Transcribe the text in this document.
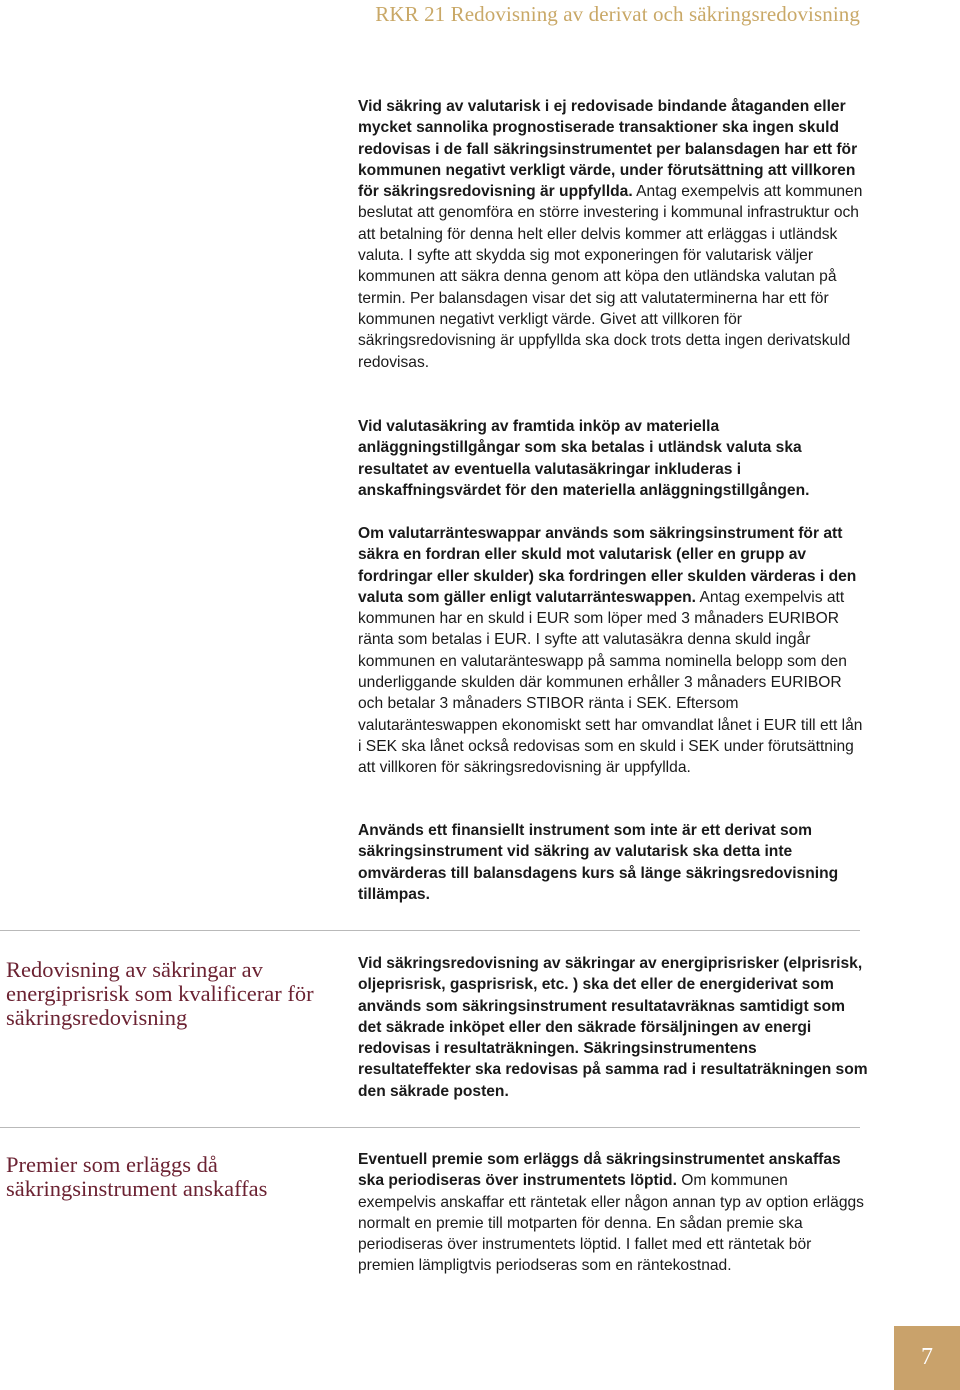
RKR 21 Redovisning av derivat och säkringsredovisning

Vid säkring av valutarisk i ej redovisade bindande åtaganden eller mycket sannolika prognostiserade transaktioner ska ingen skuld redovisas i de fall säkringsinstrumentet per balansdagen har ett för kommunen negativt verkligt värde, under förutsättning att villkoren för säkringsredovisning är uppfyllda. Antag exempelvis att kommunen beslutat att genomföra en större investering i kommunal infrastruktur och att betalning för denna helt eller delvis kommer att erläggas i utländsk valuta. I syfte att skydda sig mot exponeringen för valutarisk väljer kommunen att säkra denna genom att köpa den utländska valutan på termin. Per balansdagen visar det sig att valutaterminerna har ett för kommunen negativt verkligt värde. Givet att villkoren för säkringsredovisning är uppfyllda ska dock trots detta ingen derivatskuld redovisas.

Vid valutasäkring av framtida inköp av materiella anläggningstillgångar som ska betalas i utländsk valuta ska resultatet av eventuella valutasäkringar inkluderas i anskaffningsvärdet för den materiella anläggningstillgången.

Om valutarränteswappar används som säkringsinstrument för att säkra en fordran eller skuld mot valutarisk (eller en grupp av fordringar eller skulder) ska fordringen eller skulden värderas i den valuta som gäller enligt valutarränteswappen. Antag exempelvis att kommunen har en skuld i EUR som löper med 3 månaders EURIBOR ränta som betalas i EUR. I syfte att valutasäkra denna skuld ingår kommunen en valutaränteswapp på samma nominella belopp som den underliggande skulden där kommunen erhåller 3 månaders EURIBOR och betalar 3 månaders STIBOR ränta i SEK. Eftersom valutaränteswappen ekonomiskt sett har omvandlat lånet i EUR till ett lån i SEK ska lånet också redovisas som en skuld i SEK under förutsättning att villkoren för säkringsredovisning är uppfyllda.

Används ett finansiellt instrument som inte är ett derivat som säkringsinstrument vid säkring av valutarisk ska detta inte omvärderas till balansdagens kurs så länge säkringsredovisning tillämpas.

Redovisning av säkringar av energiprisrisk som kvalificerar för säkringsredovisning

Vid säkringsredovisning av säkringar av energiprisrisker (elprisrisk, oljeprisrisk, gasprisrisk, etc. ) ska det eller de energiderivat som används som säkringsinstrument resultatavräknas samtidigt som det säkrade inköpet eller den säkrade försäljningen av energi redovisas i resultaträkningen. Säkringsinstrumentens resultateffekter ska redovisas på samma rad i resultaträkningen som den säkrade posten.

Premier som erläggs då säkringsinstrument anskaffas

Eventuell premie som erläggs då säkringsinstrumentet anskaffas ska periodiseras över instrumentets löptid. Om kommunen exempelvis anskaffar ett räntetak eller någon annan typ av option erläggs normalt en premie till motparten för denna. En sådan premie ska periodiseras över instrumentets löptid. I fallet med ett räntetak bör premien lämpligtvis periodseras som en räntekostnad.

7
